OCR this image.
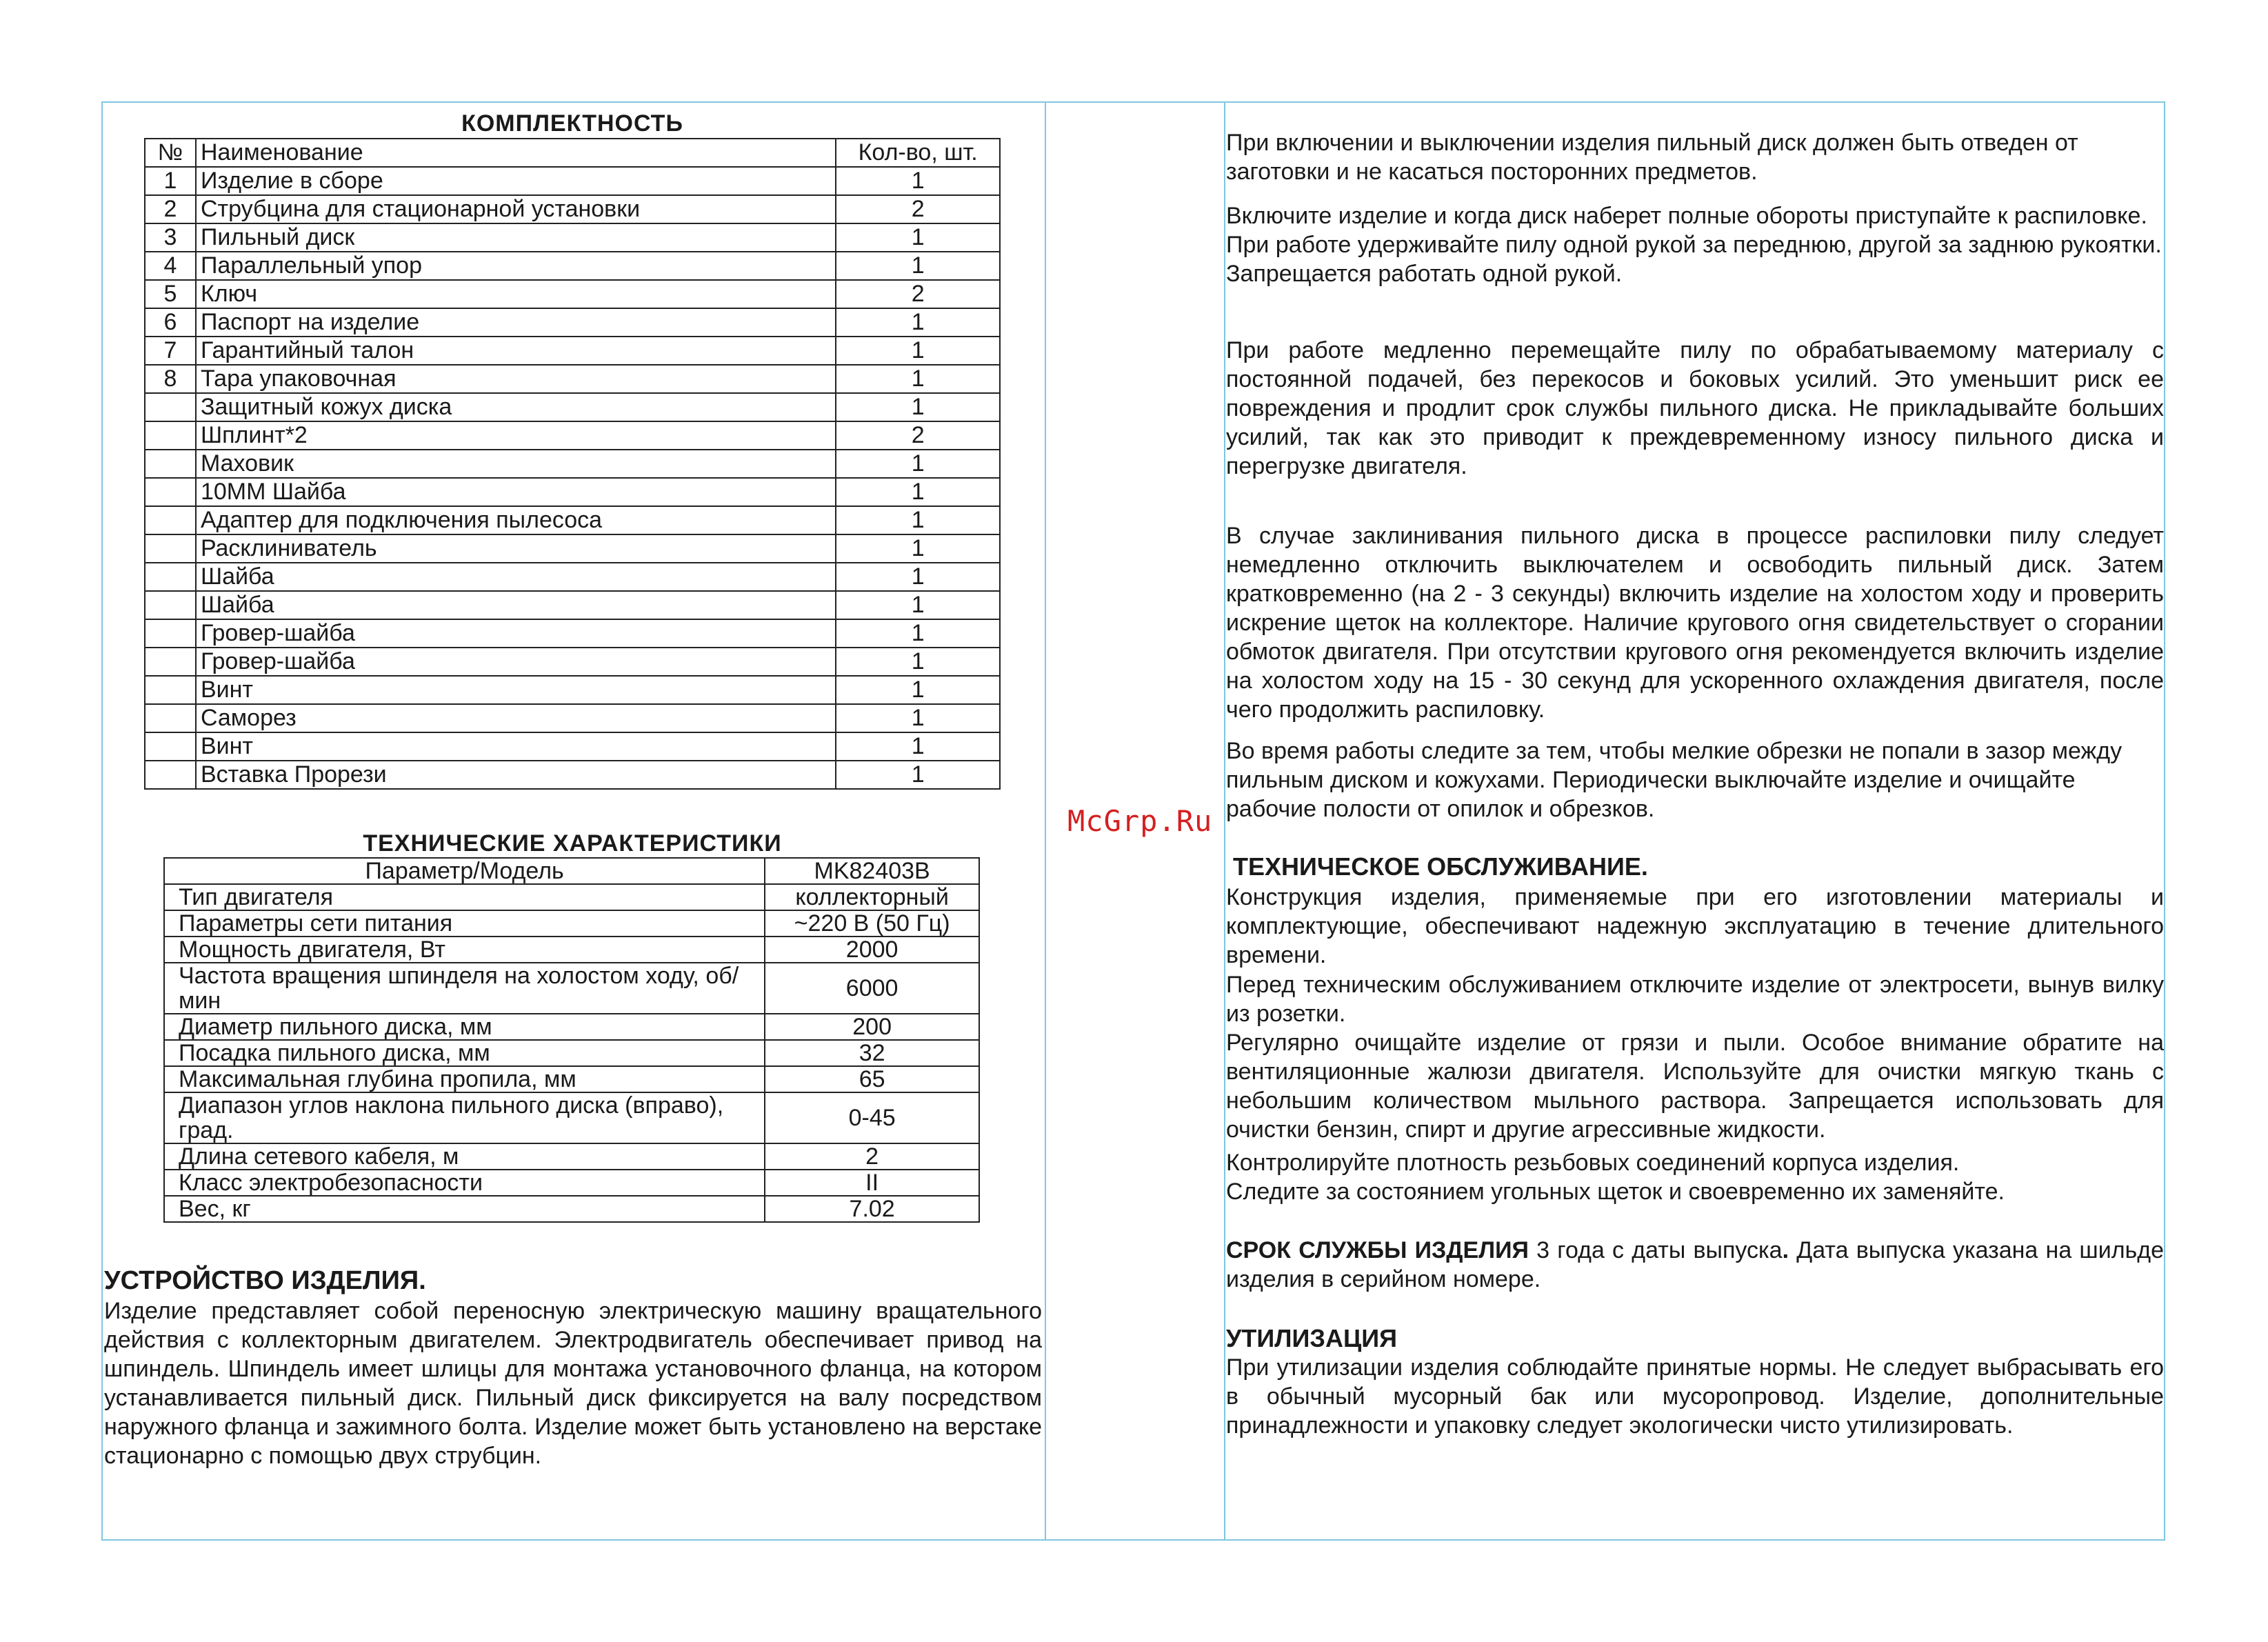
McGrp.Ru
КОМПЛЕКТНОСТЬ
№	Наименование	Кол-во, шт.
1	Изделие в сборе	1
2	Струбцина для стационарной установки	2
3	Пильный диск	1
4	Параллельный упор	1
5	Ключ	2
6	Паспорт на изделие	1
7	Гарантийный талон	1
8	Тара упаковочная	1
	Защитный кожух диска	1
	Шплинт*2	2
	Маховик	1
	10ММ Шайба	1
	Адаптер для подключения пылесоса	1
	Расклиниватель	1
	Шайба	1
	Шайба	1
	Гровер-шайба	1
	Гровер-шайба	1
	Винт	1
	Саморез	1
	Винт	1
	Вставка Прорези	1
ТЕХНИЧЕСКИЕ ХАРАКТЕРИСТИКИ
Параметр/Модель	MK82403B
Тип двигателя	коллекторный
Параметры сети питания	~220 В (50 Гц)
Мощность двигателя, Вт	2000
Частота вращения шпинделя на холостом ходу, об/мин	6000
Диаметр пильного диска, мм	200
Посадка пильного диска, мм	32
Максимальная глубина пропила, мм	65
Диапазон углов наклона пильного диска (вправо), град.	0-45
Длина сетевого кабеля, м	2
Класс электробезопасности	II
Вес, кг	7.02
УСТРОЙСТВО ИЗДЕЛИЯ.
Изделие представляет собой переносную электрическую машину вращательного действия с коллекторным двигателем. Электродвигатель обеспечивает привод на шпиндель. Шпиндель имеет шлицы для монтажа установочного фланца, на котором устанавливается пильный диск. Пильный диск фиксируется на валу посредством наружного фланца и зажимного болта. Изделие может быть установлено на верстаке стационарно с помощью двух струбцин.
При включении и выключении изделия пильный диск должен быть отведен от заготовки и не касаться посторонних предметов.
Включите изделие и когда диск наберет полные обороты приступайте к распиловке. При работе удерживайте пилу одной рукой за переднюю, другой за заднюю рукоятки. Запрещается работать одной рукой.
При работе медленно перемещайте пилу по обрабатываемому материалу с постоянной подачей, без перекосов и боковых усилий. Это уменьшит риск ее повреждения и продлит срок службы пильного диска. Не прикладывайте больших усилий, так как это приводит к преждевременному износу пильного диска и перегрузке двигателя.
В случае заклинивания пильного диска в процессе распиловки пилу следует немедленно отключить выключателем и освободить пильный диск. Затем кратковременно (на 2 - 3 секунды) включить изделие на холостом ходу и проверить искрение щеток на коллекторе. Наличие кругового огня свидетельствует о сгорании обмоток двигателя. При отсутствии кругового огня рекомендуется включить изделие на холостом ходу на 15 - 30 секунд для ускоренного охлаждения двигателя, после чего продолжить распиловку.
Во время работы следите за тем, чтобы мелкие обрезки не попали в зазор между пильным диском и кожухами. Периодически выключайте изделие и очищайте рабочие полости от опилок и обрезков.
ТЕХНИЧЕСКОЕ ОБСЛУЖИВАНИЕ.
Конструкция изделия, применяемые при его изготовлении материалы и комплектующие, обеспечивают надежную эксплуатацию в течение длительного времени.
Перед техническим обслуживанием отключите изделие от электросети, вынув вилку из розетки.
Регулярно очищайте изделие от грязи и пыли. Особое внимание обратите на вентиляционные жалюзи двигателя. Используйте для очистки мягкую ткань с небольшим количеством мыльного раствора. Запрещается использовать для очистки бензин, спирт и другие агрессивные жидкости.
Контролируйте плотность резьбовых соединений корпуса изделия.
Следите за состоянием угольных щеток и своевременно их заменяйте.
СРОК СЛУЖБЫ ИЗДЕЛИЯ 3 года с даты выпуска. Дата выпуска указана на шильде изделия в серийном номере.
УТИЛИЗАЦИЯ
При утилизации изделия соблюдайте принятые нормы. Не следует выбрасывать его в обычный мусорный бак или мусоропровод. Изделие, дополнительные принадлежности и упаковку следует экологически чисто утилизировать.
